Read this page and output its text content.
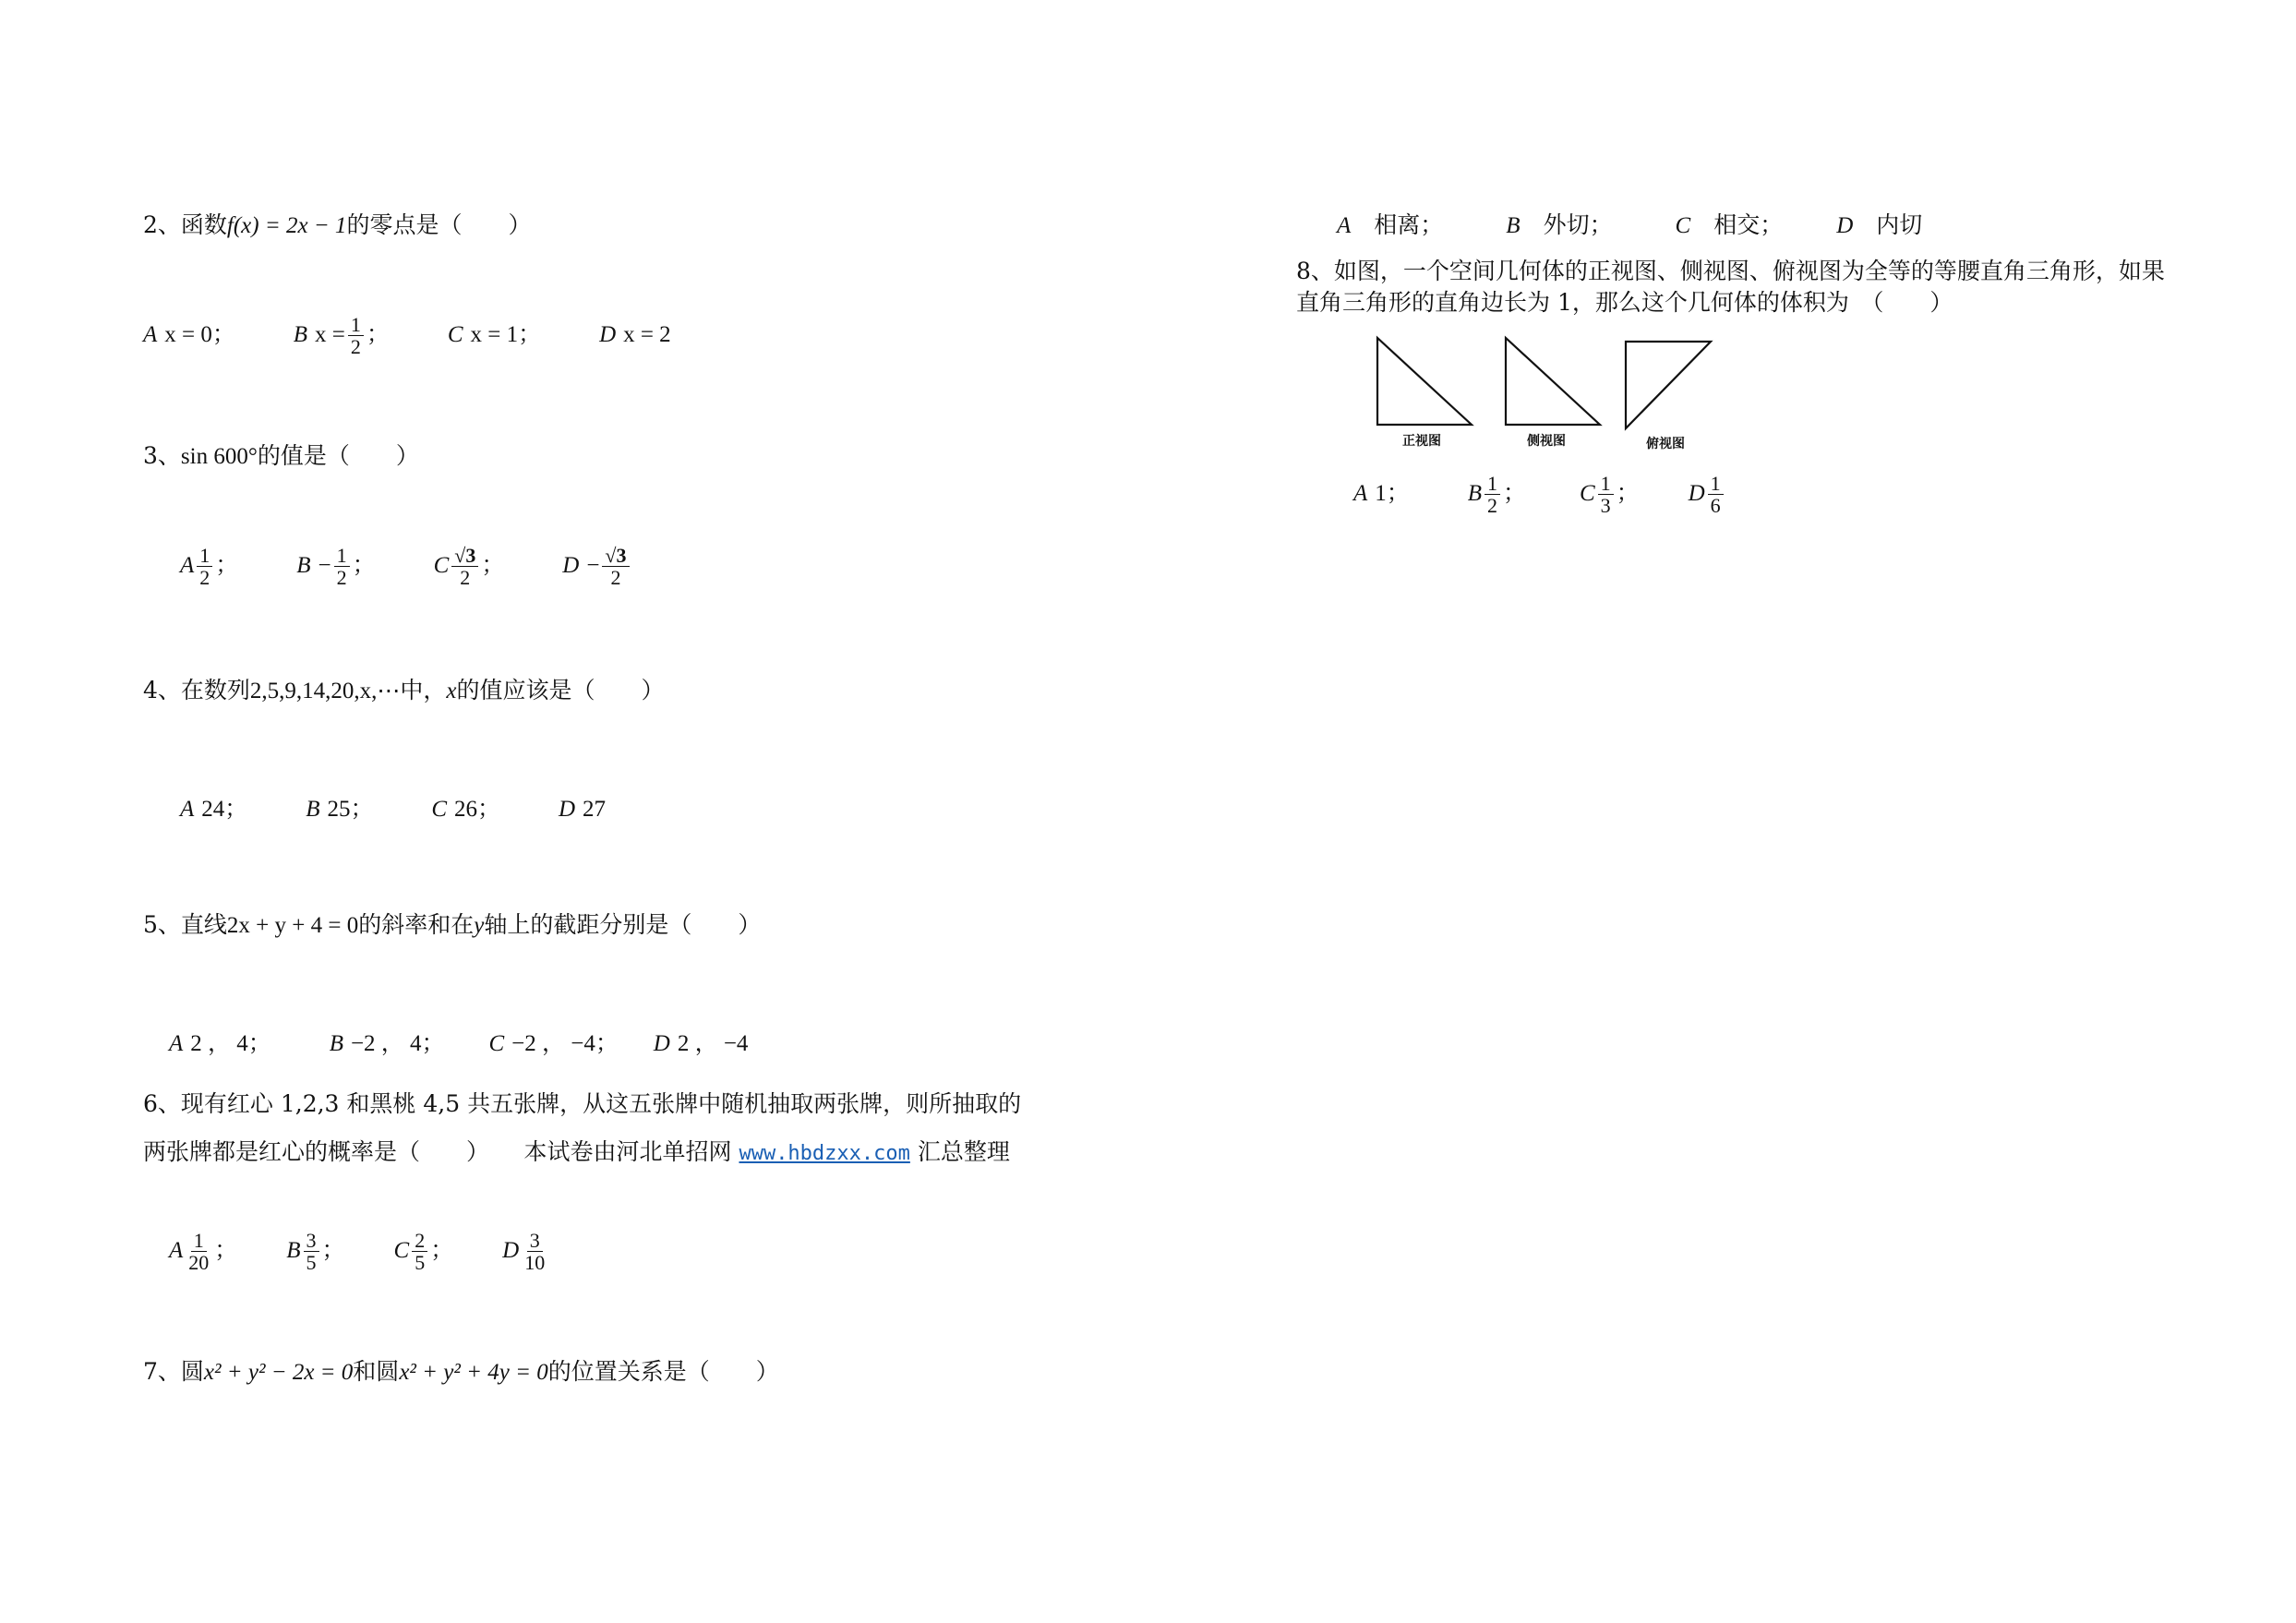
2、函数f(x) = 2x − 1的零点是（　　）
A x = 0；	B $x = \frac{1}{2}$ ；	C x = 1；	D x = 2
3、sin 600°的值是（　　）
A $\frac{1}{2}$ ；	$B - \frac{1}{2}$ ；	C $\frac{√3}{2}$ ；	$D - \frac{√3}{2}$
4、在数列2,5,9,14,20,x,⋯中，x的值应该是（　　）
A 24；	B 25；	C 26；	D 27
5、直线2x + y + 4 = 0的斜率和在y轴上的截距分别是（　　）
A 2 ， 4；	B −2 ， 4； C −2 ， −4； D 2 ， −4
6、现有红心 1,2,3 和黑桃 4,5 共五张牌，从这五张牌中随机抽取两张牌，则所抽取的
两张牌都是红心的概率是（　　）　　本试卷由河北单招网 www.hbdzxx.com 汇总整理
A $\frac{1}{20}$ ； B $\frac{3}{5}$ ； C $\frac{2}{5}$ ； D $\frac{3}{10}$
7、圆x² + y² − 2x = 0和圆x² + y² + 4y = 0的位置关系是（　　）
A　 相离；	B　 外切；	C　 相交； D　 内切
8、如图，一个空间几何体的正视图、侧视图、俯视图为全等的等腰直角三角形，如果
直角三角形的直角边长为 1，那么这个几何体的体积为　（　　）
正视图	侧视图	俯视图
A 1；	B $\frac{1}{2}$ ； C $\frac{1}{3}$ ； D $\frac{1}{6}$
